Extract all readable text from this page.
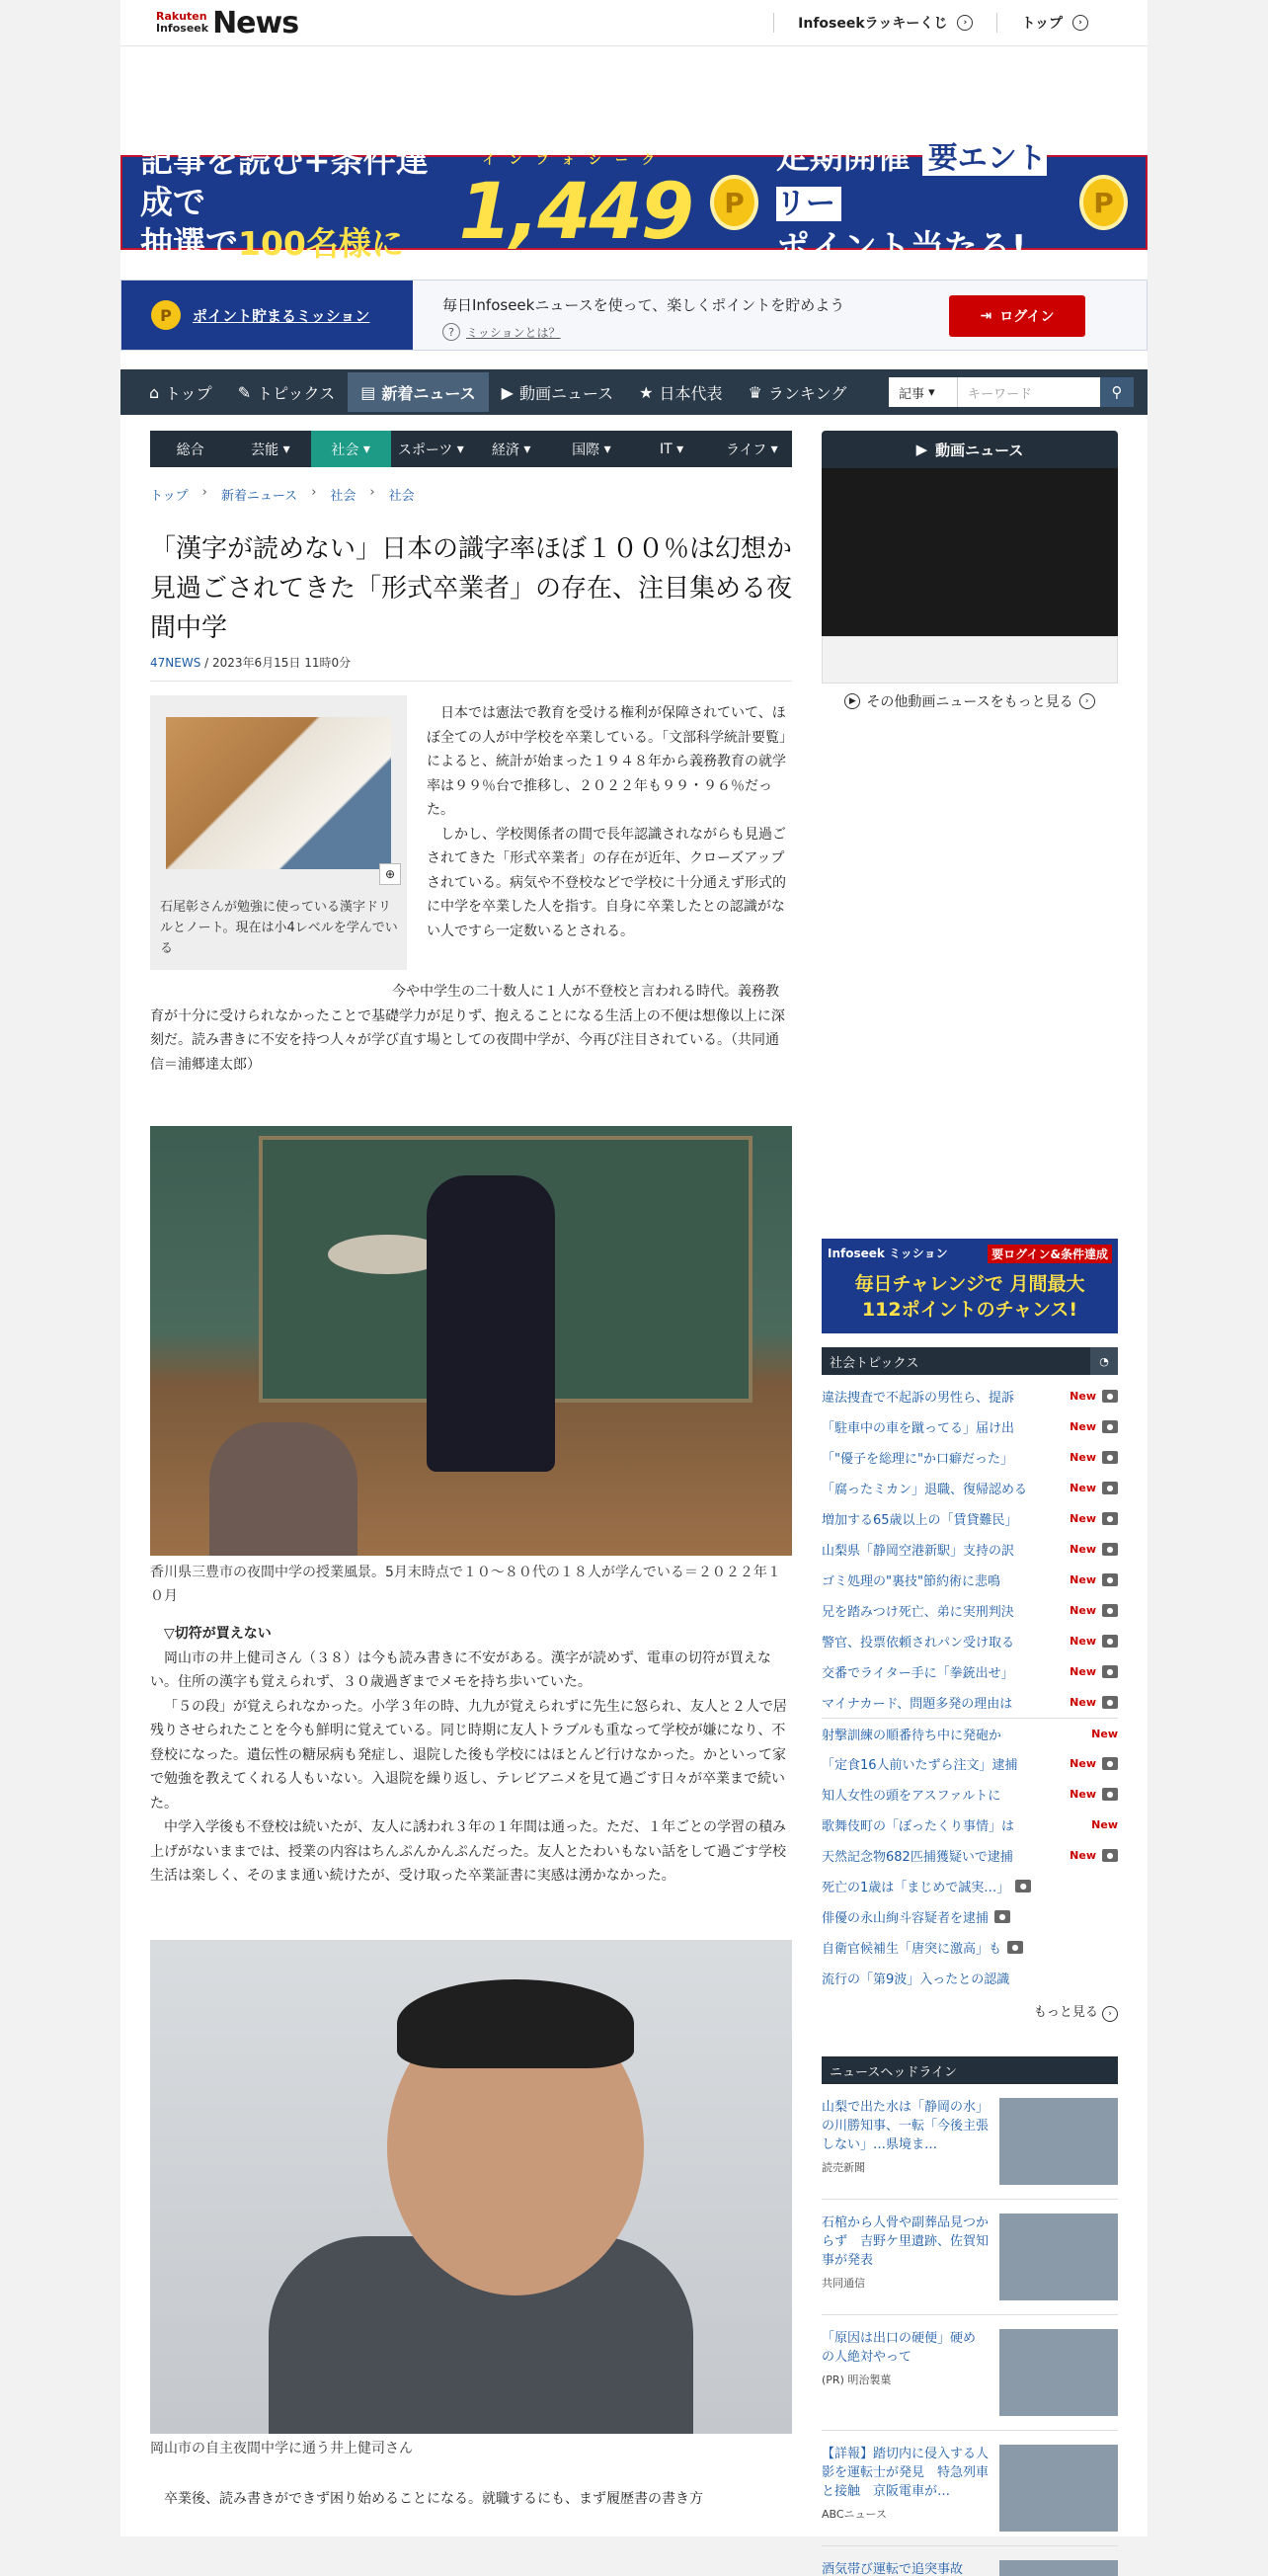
Rakuten
Infoseek News	Infoseekラッキーくじ	›	トップ	›
記事を読む+条件達成で
抽選で100名様に
インフォシーク
1,449	P
定期開催 要エントリー
ポイント当たる!
P
P	ポイント貯まるミッション
毎日Infoseekニュースを使って、楽しくポイントを貯めよう
?	ミッションとは？
⇥ ログイン
⌂ トップ ✎ トピックス ▤ 新着ニュース ▶ 動画ニュース ★ 日本代表 ♛ ランキング	記事 ▾	キーワード	⚲
総合	芸能 ▾	社会 ▾	スポーツ ▾	経済 ▾	国際 ▾	IT ▾	ライフ ▾
トップ › 新着ニュース › 社会 › 社会
「漢字が読めない」日本の識字率ほぼ１００％は幻想か　見過ごされてきた「形式卒業者」の存在、注目集める夜間中学
47NEWS / 2023年6月15日 11時0分
⊕
石尾彰さんが勉強に使っている漢字ドリルとノート。現在は小4レベルを学んでいる

日本では憲法で教育を受ける権利が保障されていて、ほぼ全ての人が中学校を卒業している。「文部科学統計要覧」によると、統計が始まった１９４８年から義務教育の就学率は９９％台で推移し、２０２２年も９９・９６％だった。

しかし、学校関係者の間で長年認識されながらも見過ごされてきた「形式卒業者」の存在が近年、クローズアップされている。病気や不登校などで学校に十分通えず形式的に中学を卒業した人を指す。自身に卒業したとの認識がない人ですら一定数いるとされる。

今や中学生の二十数人に１人が不登校と言われる時代。義務教育が十分に受けられなかったことで基礎学力が足りず、抱えることになる生活上の不便は想像以上に深刻だ。読み書きに不安を持つ人々が学び直す場としての夜間中学が、今再び注目されている。（共同通信＝浦郷達太郎）

香川県三豊市の夜間中学の授業風景。5月末時点で１０～８０代の１８人が学んでいる＝２０２２年１０月

▽切符が買えない

岡山市の井上健司さん（３８）は今も読み書きに不安がある。漢字が読めず、電車の切符が買えない。住所の漢字も覚えられず、３０歳過ぎまでメモを持ち歩いていた。

「５の段」が覚えられなかった。小学３年の時、九九が覚えられずに先生に怒られ、友人と２人で居残りさせられたことを今も鮮明に覚えている。同じ時期に友人トラブルも重なって学校が嫌になり、不登校になった。遺伝性の糖尿病も発症し、退院した後も学校にはほとんど行けなかった。かといって家で勉強を教えてくれる人もいない。入退院を繰り返し、テレビアニメを見て過ごす日々が卒業まで続いた。

中学入学後も不登校は続いたが、友人に誘われ３年の１年間は通った。ただ、１年ごとの学習の積み上げがないままでは、授業の内容はちんぷんかんぷんだった。友人とたわいもない話をして過ごす学校生活は楽しく、そのまま通い続けたが、受け取った卒業証書に実感は湧かなかった。

岡山市の自主夜間中学に通う井上健司さん

卒業後、読み書きができず困り始めることになる。就職するにも、まず履歴書の書き方

▶ 動画ニュース
▶ その他動画ニュースをもっと見る	›
Infoseek ミッション	要ログイン&条件達成
毎日チャレンジで 月間最大
112ポイントのチャンス!
社会トピックス	◔
違法捜査で不起訴の男性ら、提訴	New	●
「駐車中の車を蹴ってる」届け出	New	●
「"優子を総理に"か口癖だった」	New	●
「腐ったミカン」退職、復帰認める	New	●
増加する65歳以上の「賃貸難民」	New	●
山梨県「静岡空港新駅」支持の訳	New	●
ゴミ処理の"裏技"節約術に悲鳴	New	●
兄を踏みつけ死亡、弟に実刑判決	New	●
警官、投票依頼されパン受け取る	New	●
交番でライター手に「拳銃出せ」	New	●
マイナカード、問題多発の理由は	New	●
射撃訓練の順番待ち中に発砲か	New
「定食16人前いたずら注文」逮捕	New	●
知人女性の頭をアスファルトに	New	●
歌舞伎町の「ぼったくり事情」は	New
天然記念物682匹捕獲疑いで逮捕	New	●
死亡の1歳は「まじめで誠実…」	●
俳優の永山絢斗容疑者を逮捕	●
自衛官候補生「唐突に激高」も	●
流行の「第9波」入ったとの認識
もっと見る ›
ニュースヘッドライン
山梨で出た水は「静岡の水」の川勝知事、一転「今後主張しない」…県境ま…
読売新聞
石棺から人骨や副葬品見つからず　吉野ケ里遺跡、佐賀知事が発表
共同通信
「原因は出口の硬便」硬め の人絶対やって
(PR) 明治製菓
【詳報】踏切内に侵入する人影を運転士が発見　特急列車と接触　京阪電車が…
ABCニュース
酒気帯び運転で追突事故
